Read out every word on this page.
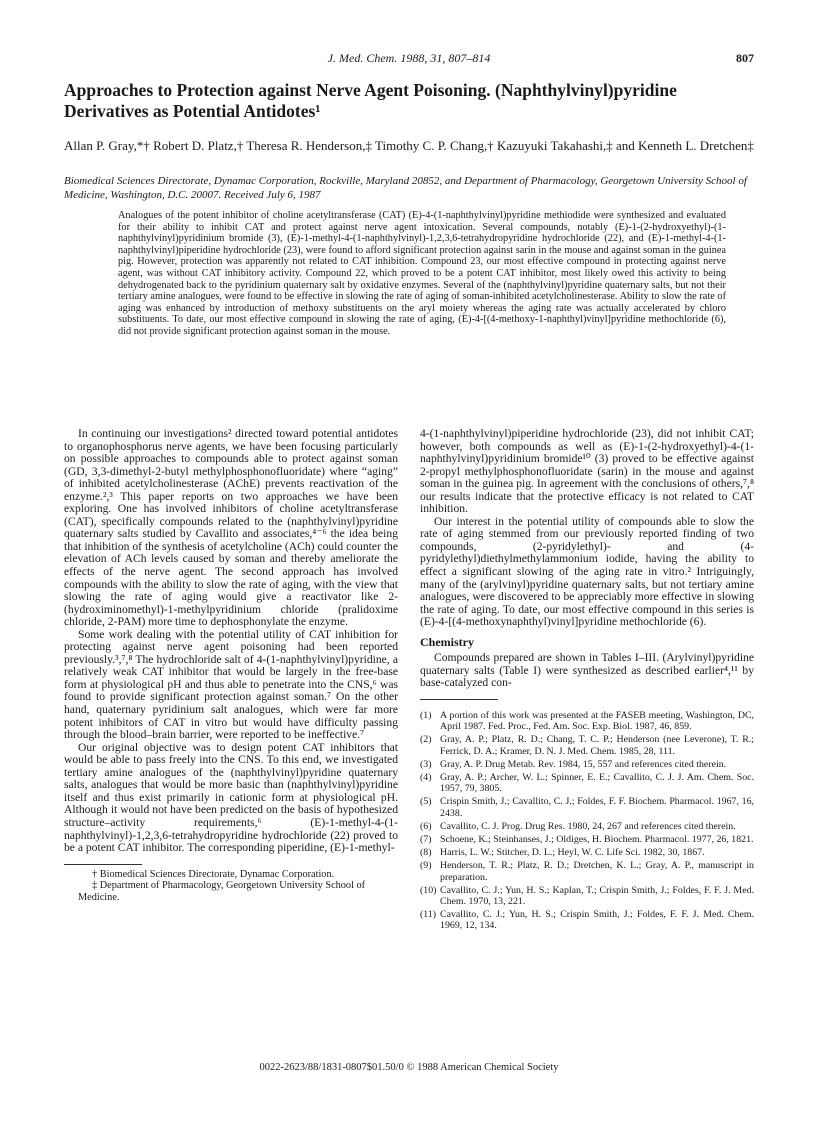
J. Med. Chem. 1988, 31, 807–814	807
Approaches to Protection against Nerve Agent Poisoning. (Naphthylvinyl)pyridine Derivatives as Potential Antidotes¹
Allan P. Gray,*† Robert D. Platz,† Theresa R. Henderson,‡ Timothy C. P. Chang,† Kazuyuki Takahashi,‡ and Kenneth L. Dretchen‡
Biomedical Sciences Directorate, Dynamac Corporation, Rockville, Maryland 20852, and Department of Pharmacology, Georgetown University School of Medicine, Washington, D.C. 20007. Received July 6, 1987
Analogues of the potent inhibitor of choline acetyltransferase (CAT) (E)-4-(1-naphthylvinyl)pyridine methiodide were synthesized and evaluated for their ability to inhibit CAT and protect against nerve agent intoxication. Several compounds, notably (E)-1-(2-hydroxyethyl)-(1-naphthylvinyl)pyridinium bromide (3), (E)-1-methyl-4-(1-naphthylvinyl)-1,2,3,6-tetrahydropyridine hydrochloride (22), and (E)-1-methyl-4-(1-naphthylvinyl)piperidine hydrochloride (23), were found to afford significant protection against sarin in the mouse and against soman in the guinea pig. However, protection was apparently not related to CAT inhibition. Compound 23, our most effective compound in protecting against nerve agent, was without CAT inhibitory activity. Compound 22, which proved to be a potent CAT inhibitor, most likely owed this activity to being dehydrogenated back to the pyridinium quaternary salt by oxidative enzymes. Several of the (naphthylvinyl)pyridine quaternary salts, but not their tertiary amine analogues, were found to be effective in slowing the rate of aging of soman-inhibited acetylcholinesterase. Ability to slow the rate of aging was enhanced by introduction of methoxy substituents on the aryl moiety whereas the aging rate was actually accelerated by chloro substituents. To date, our most effective compound in slowing the rate of aging, (E)-4-[(4-methoxy-1-naphthyl)vinyl]pyridine methochloride (6), did not provide significant protection against soman in the mouse.

In continuing our investigations² directed toward potential antidotes to organophosphorus nerve agents, we have been focusing particularly on possible approaches to compounds able to protect against soman (GD, 3,3-dimethyl-2-butyl methylphosphonofluoridate) where “aging” of inhibited acetylcholinesterase (AChE) prevents reactivation of the enzyme.²,³ This paper reports on two approaches we have been exploring. One has involved inhibitors of choline acetyltransferase (CAT), specifically compounds related to the (naphthylvinyl)pyridine quaternary salts studied by Cavallito and associates,⁴⁻⁶ the idea being that inhibition of the synthesis of acetylcholine (ACh) could counter the elevation of ACh levels caused by soman and thereby ameliorate the effects of the nerve agent. The second approach has involved compounds with the ability to slow the rate of aging, with the view that slowing the rate of aging would give a reactivator like 2-(hydroximinomethyl)-1-methylpyridinium chloride (pralidoxime chloride, 2-PAM) more time to dephosphonylate the enzyme.

Some work dealing with the potential utility of CAT inhibition for protecting against nerve agent poisoning had been reported previously.³,⁷,⁸ The hydrochloride salt of 4-(1-naphthylvinyl)pyridine, a relatively weak CAT inhibitor that would be largely in the free-base form at physiological pH and thus able to penetrate into the CNS,⁶ was found to provide significant protection against soman.⁷ On the other hand, quaternary pyridinium salt analogues, which were far more potent inhibitors of CAT in vitro but would have difficulty passing through the blood–brain barrier, were reported to be ineffective.⁷

Our original objective was to design potent CAT inhibitors that would be able to pass freely into the CNS. To this end, we investigated tertiary amine analogues of the (naphthylvinyl)pyridine quaternary salts, analogues that would be more basic than (naphthylvinyl)pyridine itself and thus exist primarily in cationic form at physiological pH. Although it would not have been predicted on the basis of hypothesized structure–activity requirements,⁶ (E)-1-methyl-4-(1-naphthylvinyl)-1,2,3,6-tetrahydropyridine hydrochloride (22) proved to be a potent CAT inhibitor. The corresponding piperidine, (E)-1-methyl-

† Biomedical Sciences Directorate, Dynamac Corporation.

‡ Department of Pharmacology, Georgetown University School of Medicine.

4-(1-naphthylvinyl)piperidine hydrochloride (23), did not inhibit CAT; however, both compounds as well as (E)-1-(2-hydroxyethyl)-4-(1-naphthylvinyl)pyridinium bromide¹⁰ (3) proved to be effective against 2-propyl methylphosphonofluoridate (sarin) in the mouse and against soman in the guinea pig. In agreement with the conclusions of others,⁷,⁸ our results indicate that the protective efficacy is not related to CAT inhibition.

Our interest in the potential utility of compounds able to slow the rate of aging stemmed from our previously reported finding of two compounds, (2-pyridylethyl)- and (4-pyridylethyl)diethylmethylammonium iodide, having the ability to effect a significant slowing of the aging rate in vitro.² Intriguingly, many of the (arylvinyl)pyridine quaternary salts, but not tertiary amine analogues, were discovered to be appreciably more effective in slowing the rate of aging. To date, our most effective compound in this series is (E)-4-[(4-methoxynaphthyl)vinyl]pyridine methochloride (6).

Chemistry

Compounds prepared are shown in Tables I–III. (Arylvinyl)pyridine quaternary salts (Table I) were synthesized as described earlier⁴,¹¹ by base-catalyzed con-

(1) A portion of this work was presented at the FASEB meeting, Washington, DC, April 1987. Fed. Proc., Fed. Am. Soc. Exp. Biol. 1987, 46, 859.
(2) Gray, A. P.; Platz, R. D.; Chang, T. C. P.; Henderson (nee Leverone), T. R.; Ferrick, D. A.; Kramer, D. N. J. Med. Chem. 1985, 28, 111.
(3) Gray, A. P. Drug Metab. Rev. 1984, 15, 557 and references cited therein.
(4) Gray, A. P.; Archer, W. L.; Spinner, E. E.; Cavallito, C. J. J. Am. Chem. Soc. 1957, 79, 3805.
(5) Crispin Smith, J.; Cavallito, C. J.; Foldes, F. F. Biochem. Pharmacol. 1967, 16, 2438.
(6) Cavallito, C. J. Prog. Drug Res. 1980, 24, 267 and references cited therein.
(7) Schoene, K.; Steinhanses, J.; Oldiges, H. Biochem. Pharmacol. 1977, 26, 1821.
(8) Harris, L. W.; Stitcher, D. L.; Heyl, W. C. Life Sci. 1982, 30, 1867.
(9) Henderson, T. R.; Platz, R. D.; Dretchen, K. L.; Gray, A. P., manuscript in preparation.
(10) Cavallito, C. J.; Yun, H. S.; Kaplan, T.; Crispin Smith, J.; Foldes, F. F. J. Med. Chem. 1970, 13, 221.
(11) Cavallito, C. J.; Yun, H. S.; Crispin Smith, J.; Foldes, F. F. J. Med. Chem. 1969, 12, 134.
0022-2623/88/1831-0807$01.50/0 © 1988 American Chemical Society
